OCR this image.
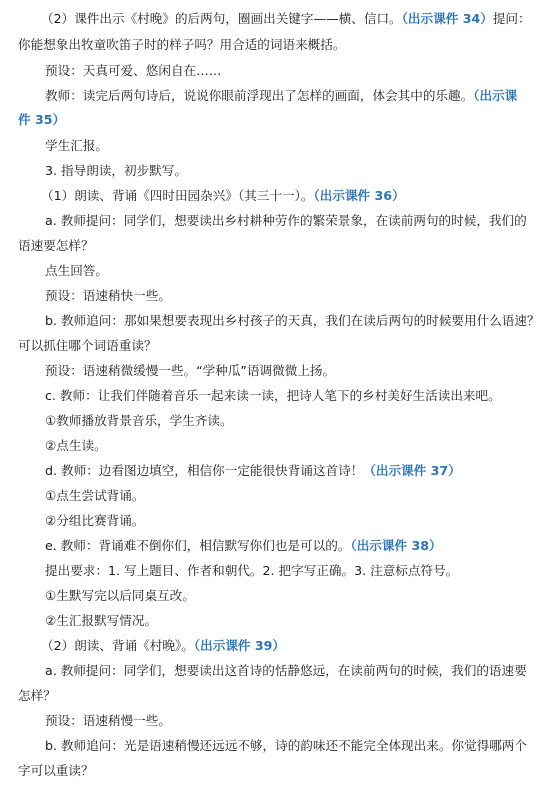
（2）课件出示《村晚》的后两句，圈画出关键字——横、信口。（出示课件 34）提问：
你能想象出牧童吹笛子时的样子吗？用合适的词语来概括。
预设：天真可爱、悠闲自在……
教师：读完后两句诗后，说说你眼前浮现出了怎样的画面，体会其中的乐趣。（出示课
件 35）
学生汇报。
3. 指导朗读，初步默写。
（1）朗读、背诵《四时田园杂兴》（其三十一）。（出示课件 36）
a. 教师提问：同学们，想要读出乡村耕种劳作的繁荣景象，在读前两句的时候，我们的
语速要怎样？
点生回答。
预设：语速稍快一些。
b. 教师追问：那如果想要表现出乡村孩子的天真，我们在读后两句的时候要用什么语速？
可以抓住哪个词语重读？
预设：语速稍微缓慢一些。“学种瓜”语调微微上扬。
c. 教师：让我们伴随着音乐一起来读一读，把诗人笔下的乡村美好生活读出来吧。
①教师播放背景音乐，学生齐读。
②点生读。
d. 教师：边看图边填空，相信你一定能很快背诵这首诗！（出示课件 37）
①点生尝试背诵。
②分组比赛背诵。
e. 教师：背诵难不倒你们，相信默写你们也是可以的。（出示课件 38）
提出要求：1. 写上题目、作者和朝代。2. 把字写正确。3. 注意标点符号。
①生默写完以后同桌互改。
②生汇报默写情况。
（2）朗读、背诵《村晚》。（出示课件 39）
a. 教师提问：同学们，想要读出这首诗的恬静悠远，在读前两句的时候，我们的语速要
怎样？
预设：语速稍慢一些。
b. 教师追问：光是语速稍慢还远远不够，诗的韵味还不能完全体现出来。你觉得哪两个
字可以重读？
